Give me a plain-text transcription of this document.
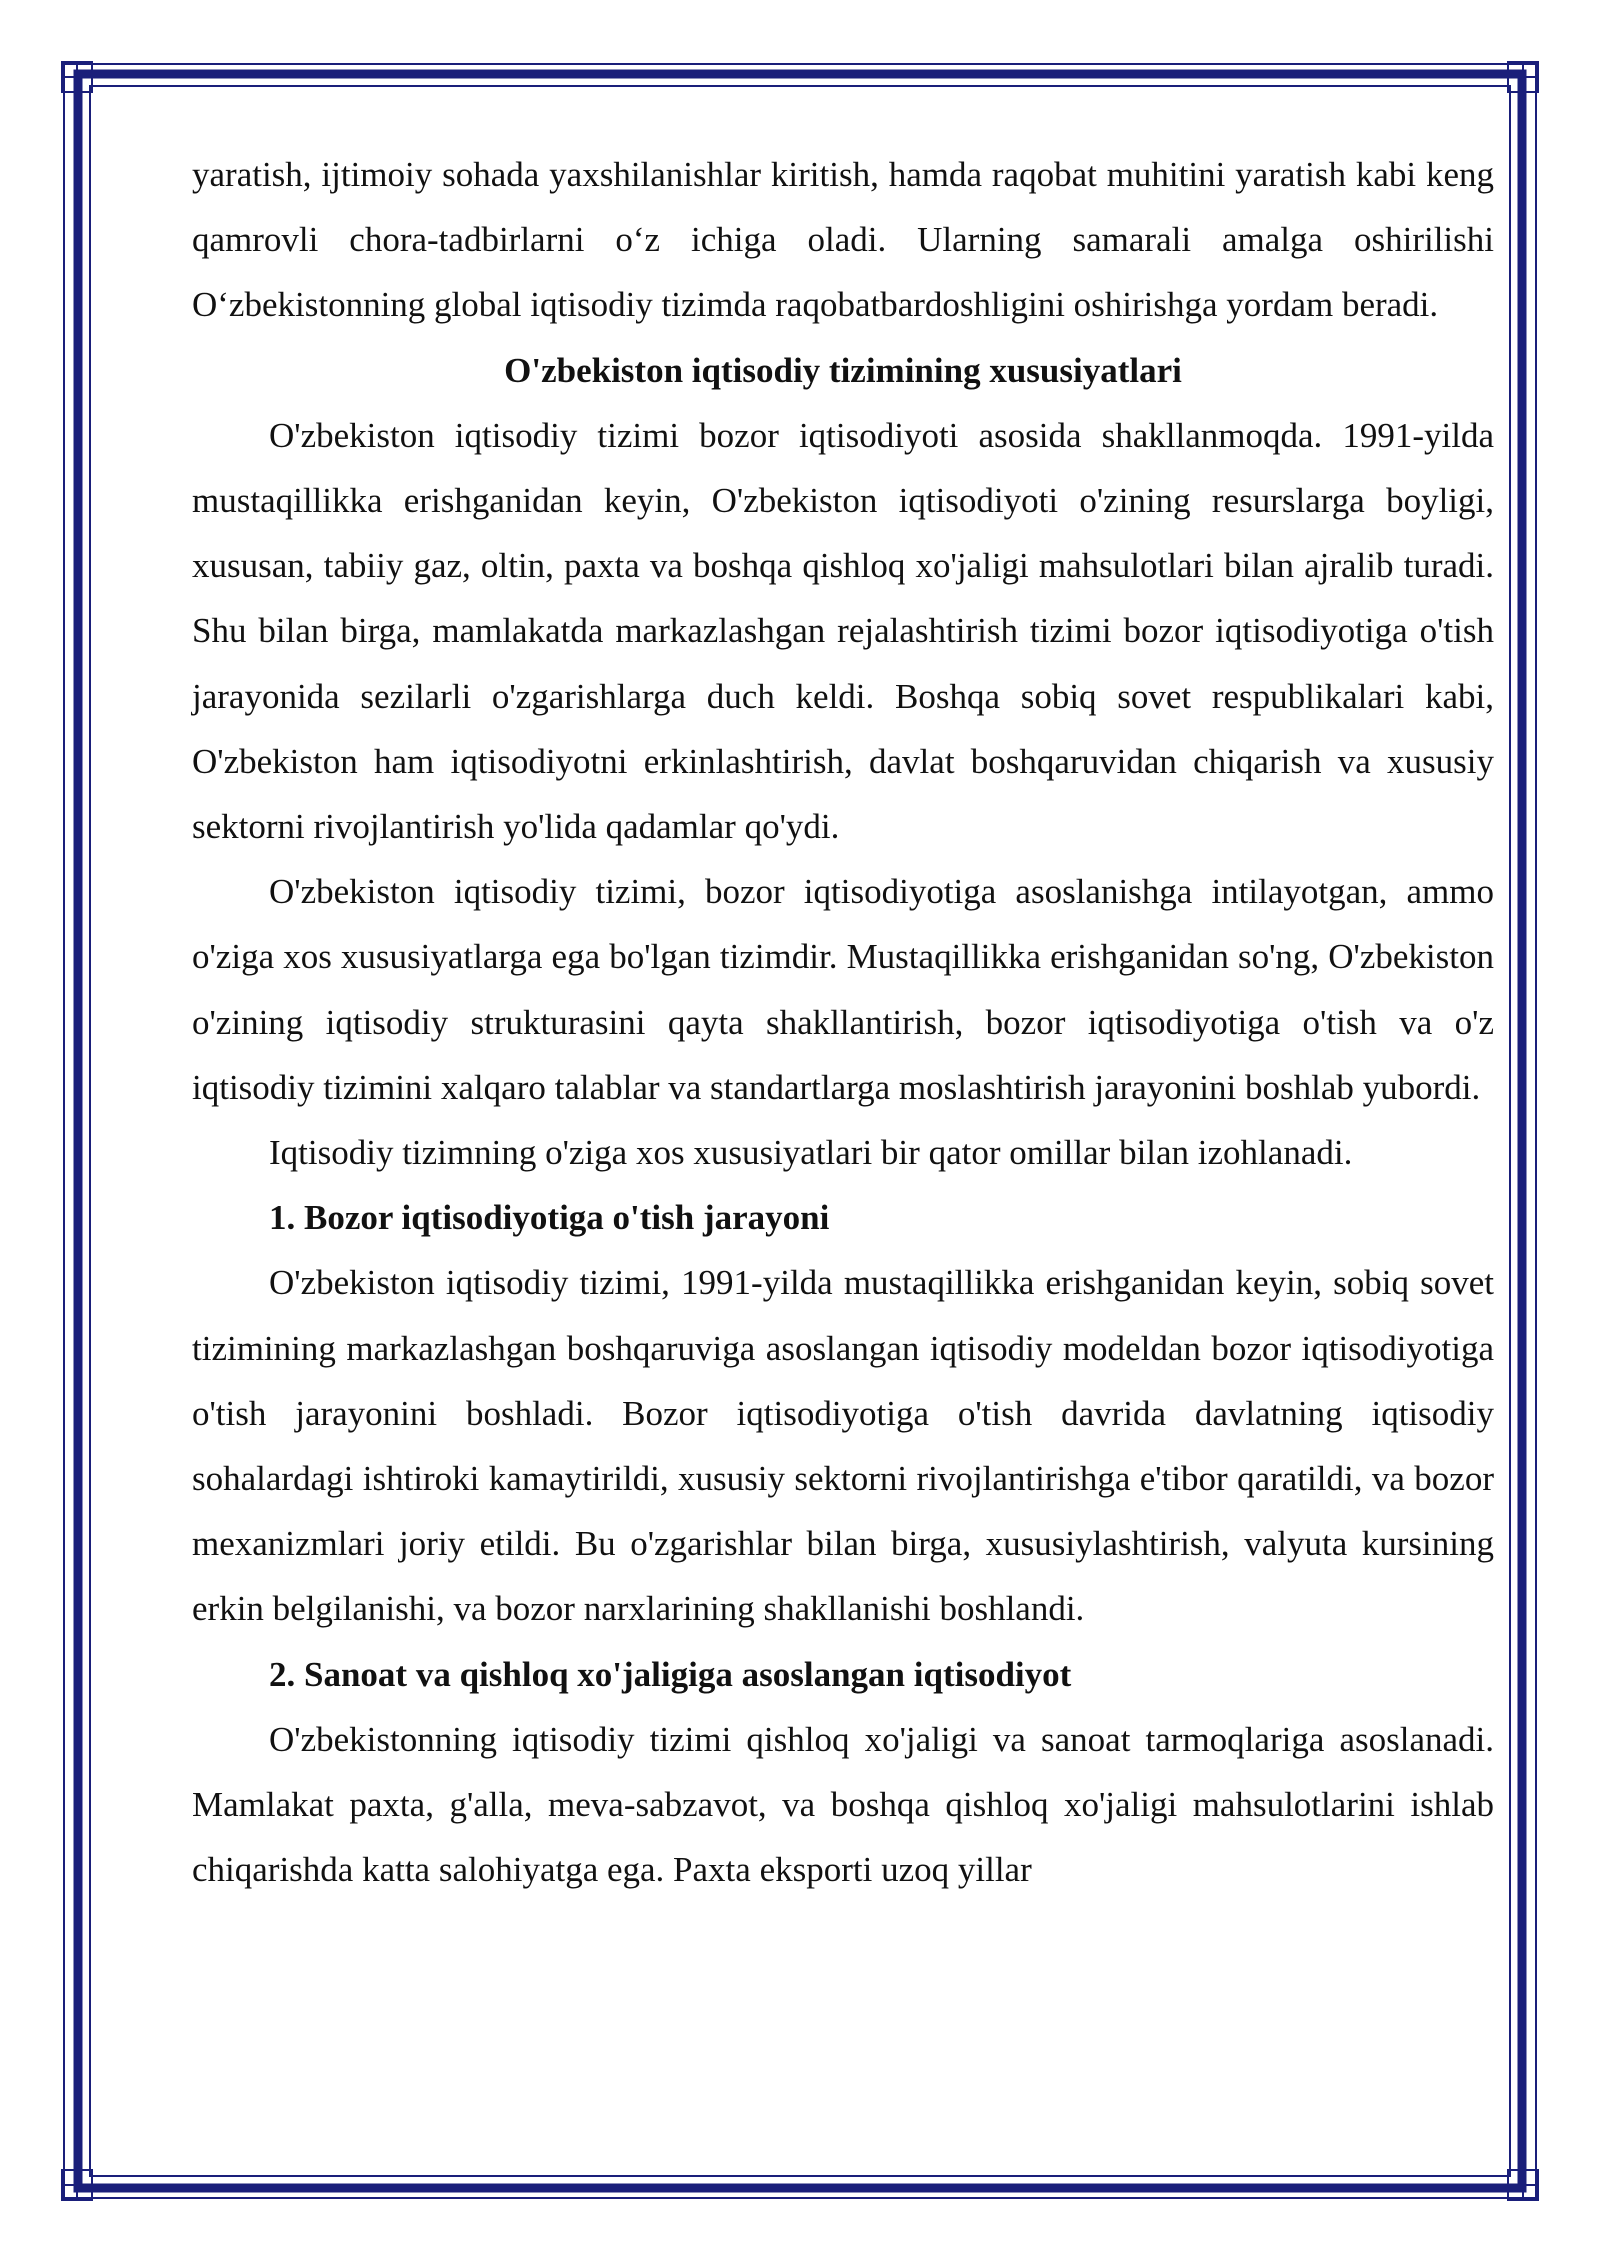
yaratish, ijtimoiy sohada yaxshilanishlar kiritish, hamda raqobat muhitini yaratish kabi keng qamrovli chora-tadbirlarni o‘z ichiga oladi. Ularning samarali amalga oshirilishi O‘zbekistonning global iqtisodiy tizimda raqobatbardoshligini oshirishga yordam beradi.

O'zbekiston iqtisodiy tizimining xususiyatlari

O'zbekiston iqtisodiy tizimi bozor iqtisodiyoti asosida shakllanmoqda. 1991-yilda mustaqillikka erishganidan keyin, O'zbekiston iqtisodiyoti o'zining resurslarga boyligi, xususan, tabiiy gaz, oltin, paxta va boshqa qishloq xo'jaligi mahsulotlari bilan ajralib turadi. Shu bilan birga, mamlakatda markazlashgan rejalashtirish tizimi bozor iqtisodiyotiga o'tish jarayonida sezilarli o'zgarishlarga duch keldi. Boshqa sobiq sovet respublikalari kabi, O'zbekiston ham iqtisodiyotni erkinlashtirish, davlat boshqaruvidan chiqarish va xususiy sektorni rivojlantirish yo'lida qadamlar qo'ydi.

O'zbekiston iqtisodiy tizimi, bozor iqtisodiyotiga asoslanishga intilayotgan, ammo o'ziga xos xususiyatlarga ega bo'lgan tizimdir. Mustaqillikka erishganidan so'ng, O'zbekiston o'zining iqtisodiy strukturasini qayta shakllantirish, bozor iqtisodiyotiga o'tish va o'z iqtisodiy tizimini xalqaro talablar va standartlarga moslashtirish jarayonini boshlab yubordi.

Iqtisodiy tizimning o'ziga xos xususiyatlari bir qator omillar bilan izohlanadi.

1. Bozor iqtisodiyotiga o'tish jarayoni

O'zbekiston iqtisodiy tizimi, 1991-yilda mustaqillikka erishganidan keyin, sobiq sovet tizimining markazlashgan boshqaruviga asoslangan iqtisodiy modeldan bozor iqtisodiyotiga o'tish jarayonini boshladi. Bozor iqtisodiyotiga o'tish davrida davlatning iqtisodiy sohalardagi ishtiroki kamaytirildi, xususiy sektorni rivojlantirishga e'tibor qaratildi, va bozor mexanizmlari joriy etildi. Bu o'zgarishlar bilan birga, xususiylashtirish, valyuta kursining erkin belgilanishi, va bozor narxlarining shakllanishi boshlandi.

2. Sanoat va qishloq xo'jaligiga asoslangan iqtisodiyot

O'zbekistonning iqtisodiy tizimi qishloq xo'jaligi va sanoat tarmoqlariga asoslanadi. Mamlakat paxta, g'alla, meva-sabzavot, va boshqa qishloq xo'jaligi mahsulotlarini ishlab chiqarishda katta salohiyatga ega. Paxta eksporti uzoq yillar
